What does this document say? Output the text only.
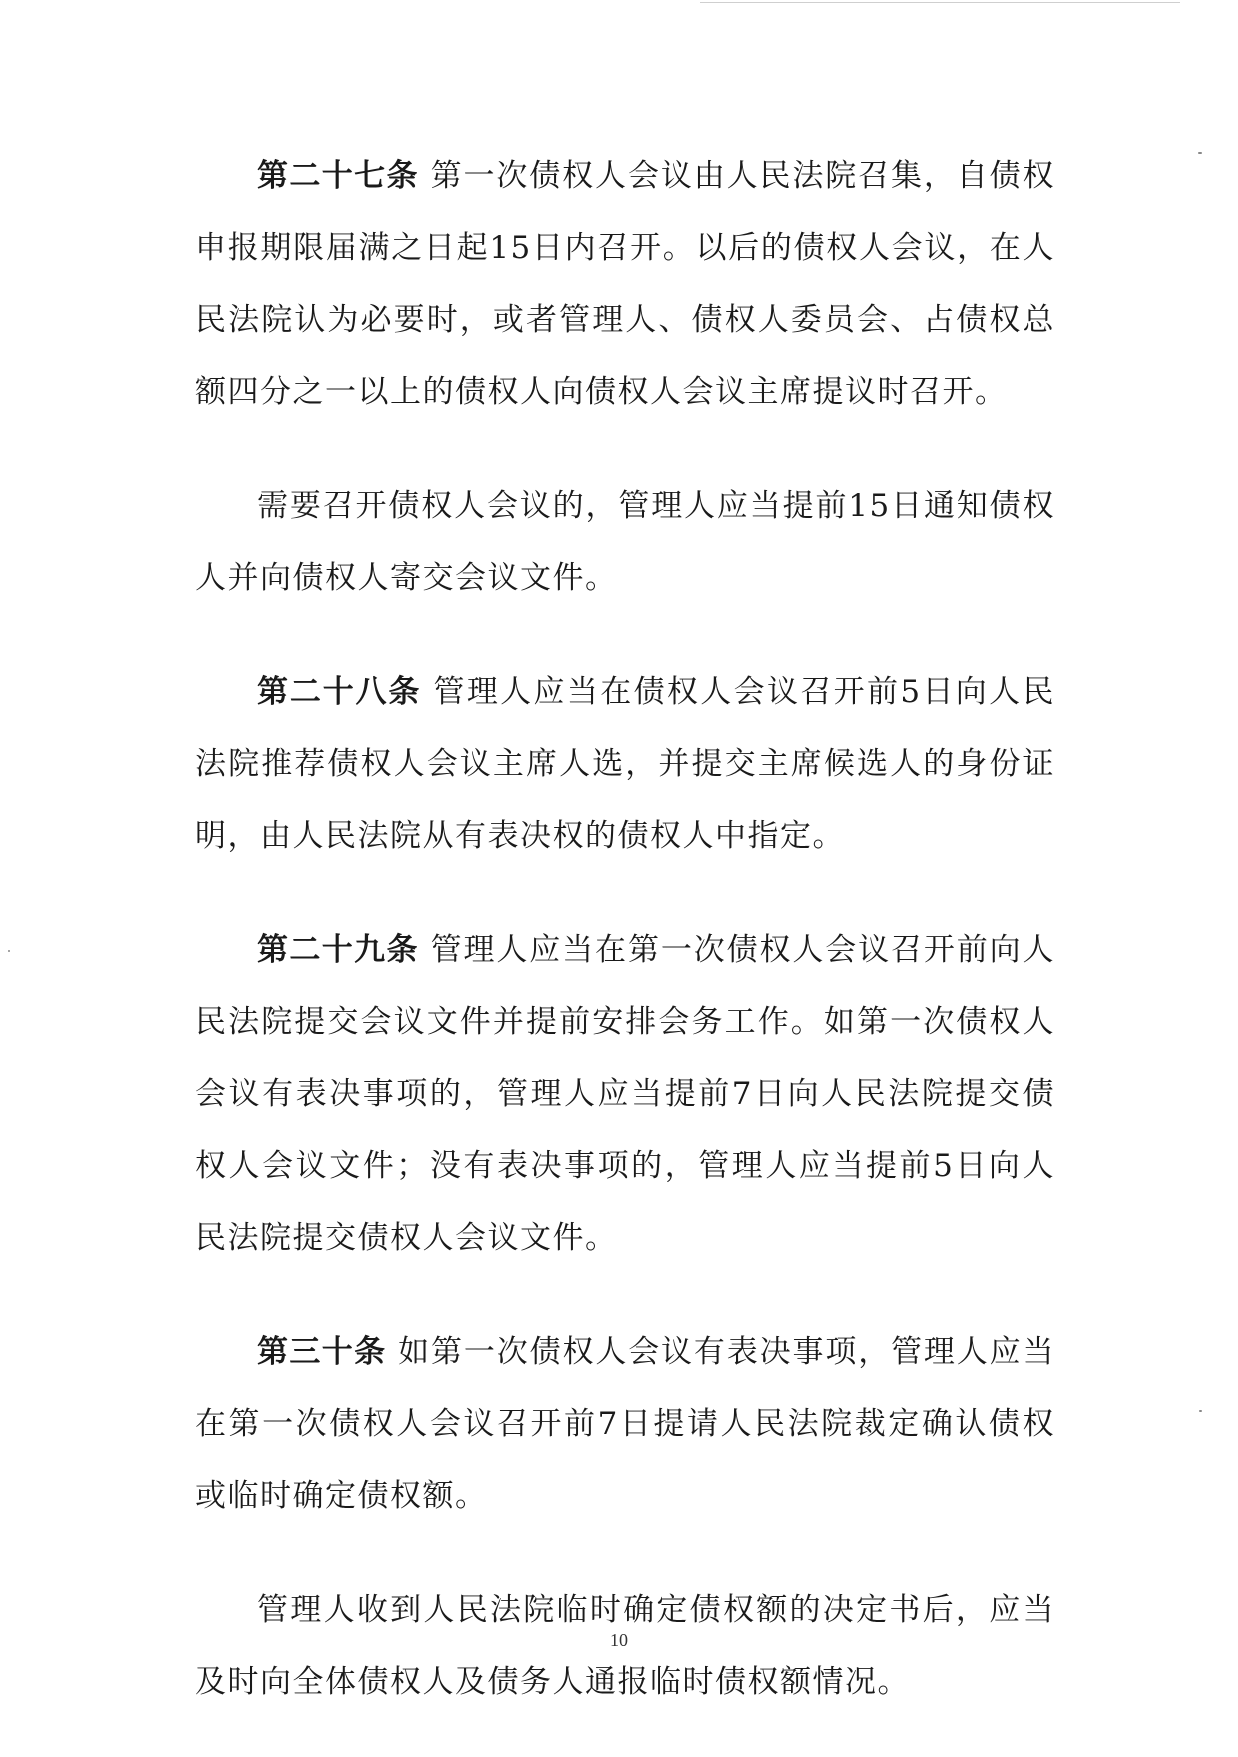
第二十七条 第一次债权人会议由人民法院召集，自债权申报期限届满之日起15日内召开。以后的债权人会议，在人民法院认为必要时，或者管理人、债权人委员会、占债权总额四分之一以上的债权人向债权人会议主席提议时召开。

需要召开债权人会议的，管理人应当提前15日通知债权人并向债权人寄交会议文件。

第二十八条 管理人应当在债权人会议召开前5日向人民法院推荐债权人会议主席人选，并提交主席候选人的身份证明，由人民法院从有表决权的债权人中指定。

第二十九条 管理人应当在第一次债权人会议召开前向人民法院提交会议文件并提前安排会务工作。如第一次债权人会议有表决事项的，管理人应当提前7日向人民法院提交债权人会议文件；没有表决事项的，管理人应当提前5日向人民法院提交债权人会议文件。

第三十条 如第一次债权人会议有表决事项，管理人应当在第一次债权人会议召开前7日提请人民法院裁定确认债权或临时确定债权额。

管理人收到人民法院临时确定债权额的决定书后，应当及时向全体债权人及债务人通报临时债权额情况。

10
